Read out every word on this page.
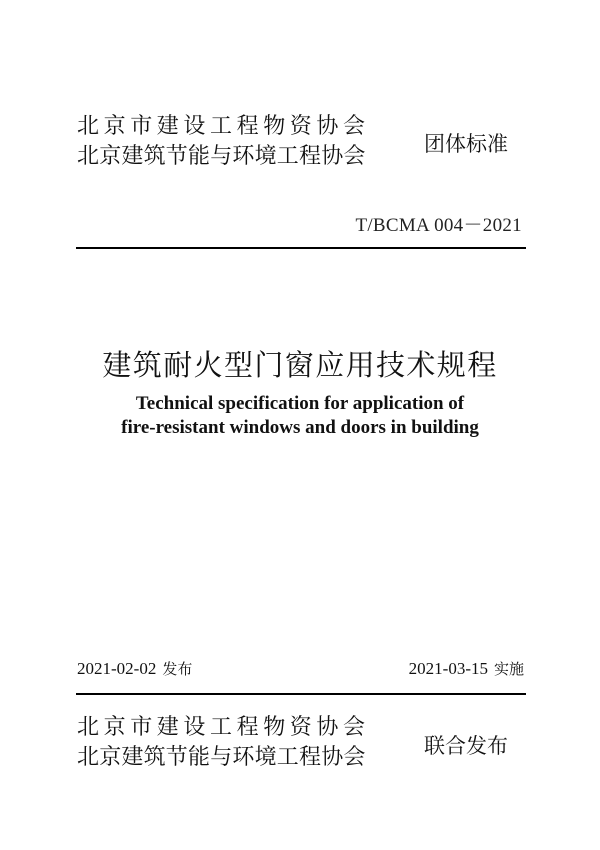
北京市建设工程物资协会
北京建筑节能与环境工程协会	团体标准
T/BCMA 004－2021
建筑耐火型门窗应用技术规程
Technical specification for application of
fire-resistant windows and doors in building
2021-02-02 发布	2021-03-15 实施
北京市建设工程物资协会
北京建筑节能与环境工程协会	联合发布
